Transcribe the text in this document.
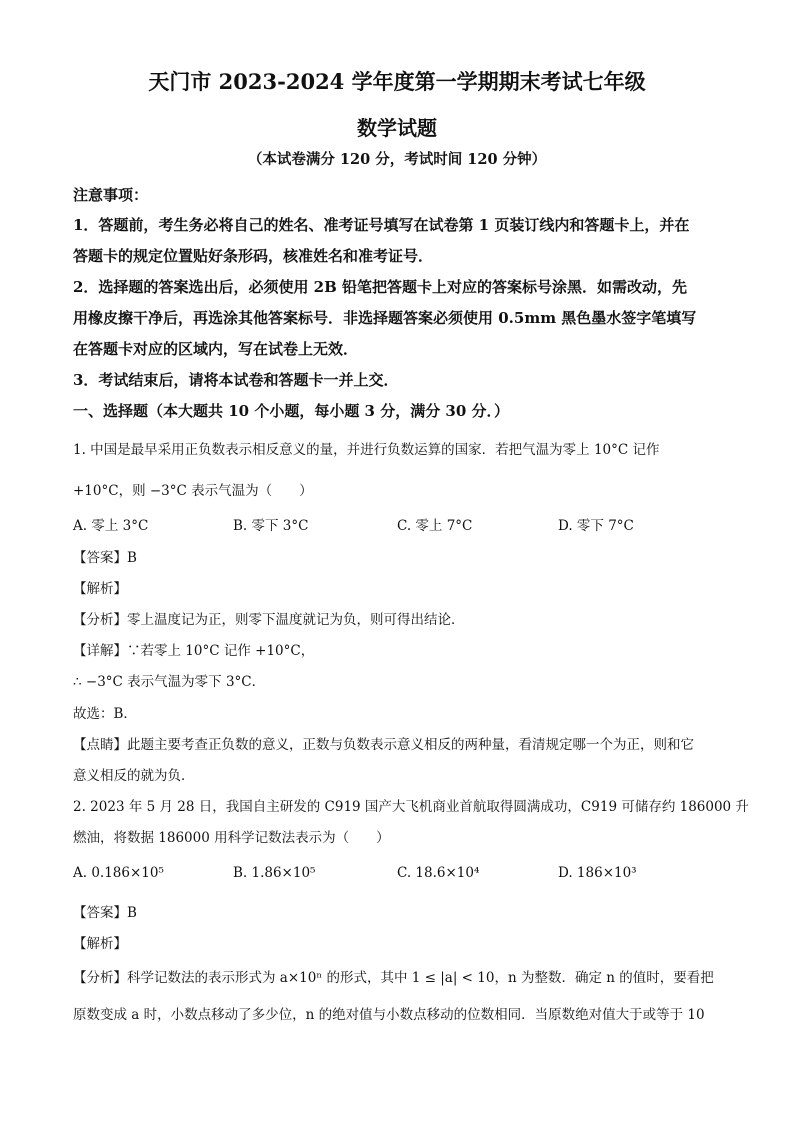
天门市 2023-2024 学年度第一学期期末考试七年级
数学试题
（本试卷满分 120 分，考试时间 120 分钟）
注意事项：
1．答题前，考生务必将自己的姓名、准考证号填写在试卷第 1 页装订线内和答题卡上，并在
答题卡的规定位置贴好条形码，核准姓名和准考证号．
2．选择题的答案选出后，必须使用 2B 铅笔把答题卡上对应的答案标号涂黑．如需改动，先
用橡皮擦干净后，再选涂其他答案标号．非选择题答案必须使用 0.5mm 黑色墨水签字笔填写
在答题卡对应的区域内，写在试卷上无效．
3．考试结束后，请将本试卷和答题卡一并上交．
一、选择题（本大题共 10 个小题，每小题 3 分，满分 30 分．）
1. 中国是最早采用正负数表示相反意义的量，并进行负数运算的国家．若把气温为零上 10°C 记作
+10°C，则 −3°C 表示气温为（　　）
A. 零上 3°C	B. 零下 3°C	C. 零上 7°C	D. 零下 7°C
【答案】B
【解析】
【分析】零上温度记为正，则零下温度就记为负，则可得出结论．
【详解】∵若零上 10°C 记作 +10°C，
∴ −3°C 表示气温为零下 3°C．
故选：B．
【点睛】此题主要考查正负数的意义，正数与负数表示意义相反的两种量，看清规定哪一个为正，则和它
意义相反的就为负．
2. 2023 年 5 月 28 日，我国自主研发的 C919 国产大飞机商业首航取得圆满成功，C919 可储存约 186000 升
燃油，将数据 186000 用科学记数法表示为（　　）
A. 0.186×10⁵	B. 1.86×10⁵	C. 18.6×10⁴	D. 186×10³
【答案】B
【解析】
【分析】科学记数法的表示形式为 a×10ⁿ 的形式，其中 1 ≤ |a| < 10，n 为整数．确定 n 的值时，要看把
原数变成 a 时，小数点移动了多少位，n 的绝对值与小数点移动的位数相同．当原数绝对值大于或等于 10
